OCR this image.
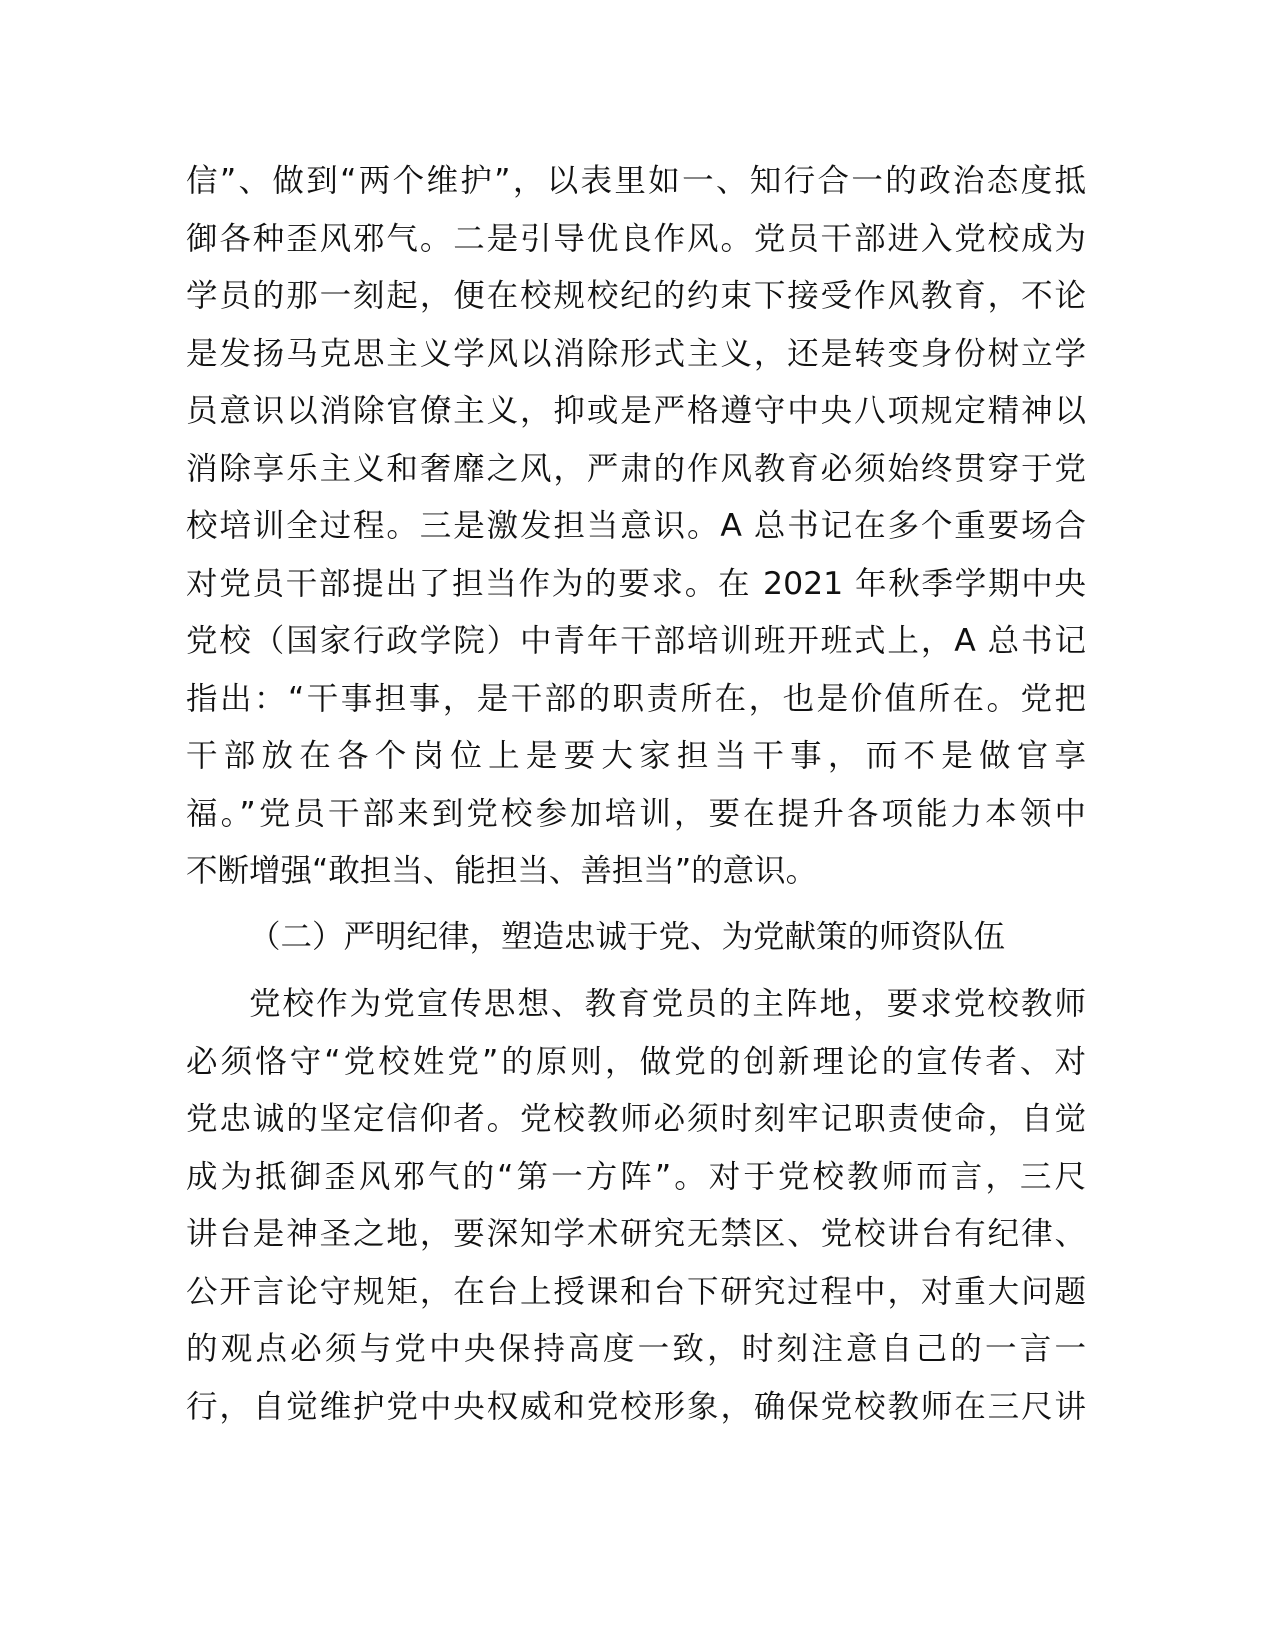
信”、做到“两个维护”，以表里如一、知行合一的政治态度抵
御各种歪风邪气。二是引导优良作风。党员干部进入党校成为
学员的那一刻起，便在校规校纪的约束下接受作风教育，不论
是发扬马克思主义学风以消除形式主义，还是转变身份树立学
员意识以消除官僚主义，抑或是严格遵守中央八项规定精神以
消除享乐主义和奢靡之风，严肃的作风教育必须始终贯穿于党
校培训全过程。三是激发担当意识。A 总书记在多个重要场合
对党员干部提出了担当作为的要求。在 2021 年秋季学期中央
党校（国家行政学院）中青年干部培训班开班式上，A 总书记
指出：“干事担事，是干部的职责所在，也是价值所在。党把
干部放在各个岗位上是要大家担当干事，而不是做官享
福。”党员干部来到党校参加培训，要在提升各项能力本领中
不断增强“敢担当、能担当、善担当”的意识。
（二）严明纪律，塑造忠诚于党、为党献策的师资队伍
党校作为党宣传思想、教育党员的主阵地，要求党校教师
必须恪守“党校姓党”的原则，做党的创新理论的宣传者、对
党忠诚的坚定信仰者。党校教师必须时刻牢记职责使命，自觉
成为抵御歪风邪气的“第一方阵”。对于党校教师而言，三尺
讲台是神圣之地，要深知学术研究无禁区、党校讲台有纪律、
公开言论守规矩，在台上授课和台下研究过程中，对重大问题
的观点必须与党中央保持高度一致，时刻注意自己的一言一
行，自觉维护党中央权威和党校形象，确保党校教师在三尺讲
